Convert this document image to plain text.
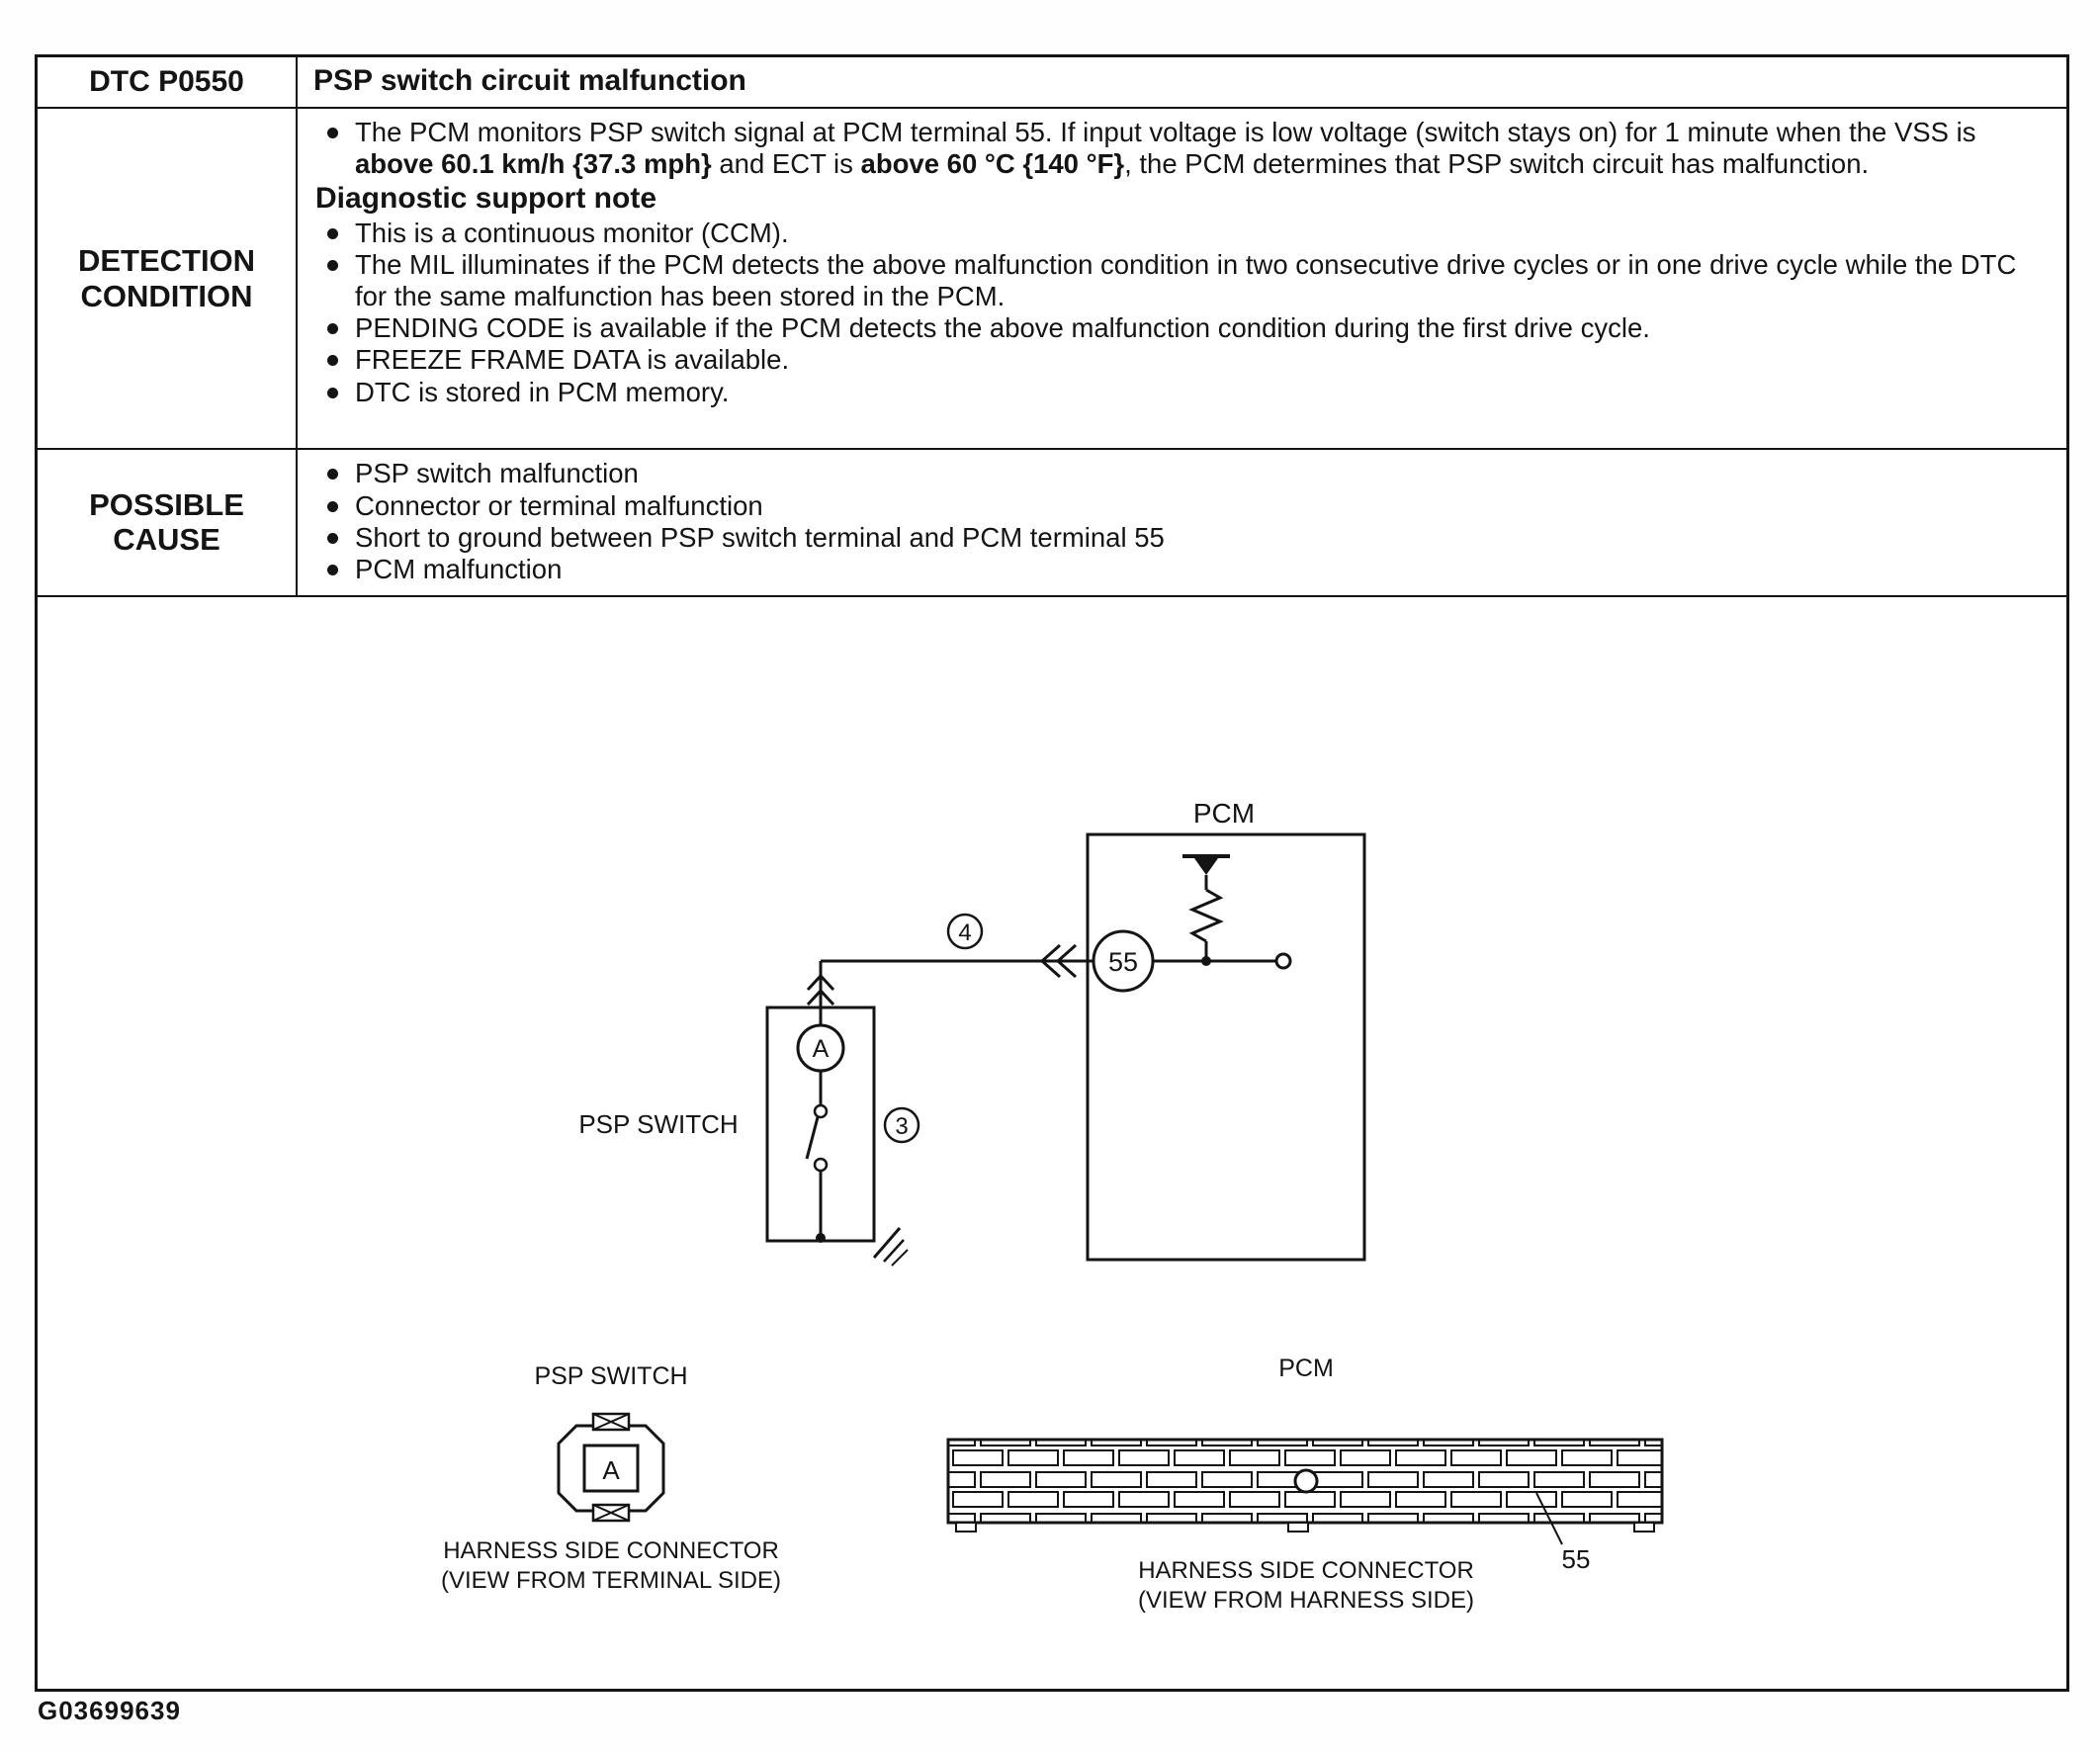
DTC P0550	PSP switch circuit malfunction
DETECTION CONDITION
The PCM monitors PSP switch signal at PCM terminal 55. If input voltage is low voltage (switch stays on) for 1 minute when the VSS is above 60.1 km/h {37.3 mph} and ECT is above 60 °C {140 °F}, the PCM determines that PSP switch circuit has malfunction.
Diagnostic support note
This is a continuous monitor (CCM).
The MIL illuminates if the PCM detects the above malfunction condition in two consecutive drive cycles or in one drive cycle while the DTC for the same malfunction has been stored in the PCM.
PENDING CODE is available if the PCM detects the above malfunction condition during the first drive cycle.
FREEZE FRAME DATA is available.
DTC is stored in PCM memory.
POSSIBLE CAUSE
PSP switch malfunction
Connector or terminal malfunction
Short to ground between PSP switch terminal and PCM terminal 55
PCM malfunction
PCM
55
4
PSP SWITCH
A
3
PSP SWITCH
A
HARNESS SIDE CONNECTOR
(VIEW FROM TERMINAL SIDE)
PCM
55
HARNESS SIDE CONNECTOR
(VIEW FROM HARNESS SIDE)
G03699639
